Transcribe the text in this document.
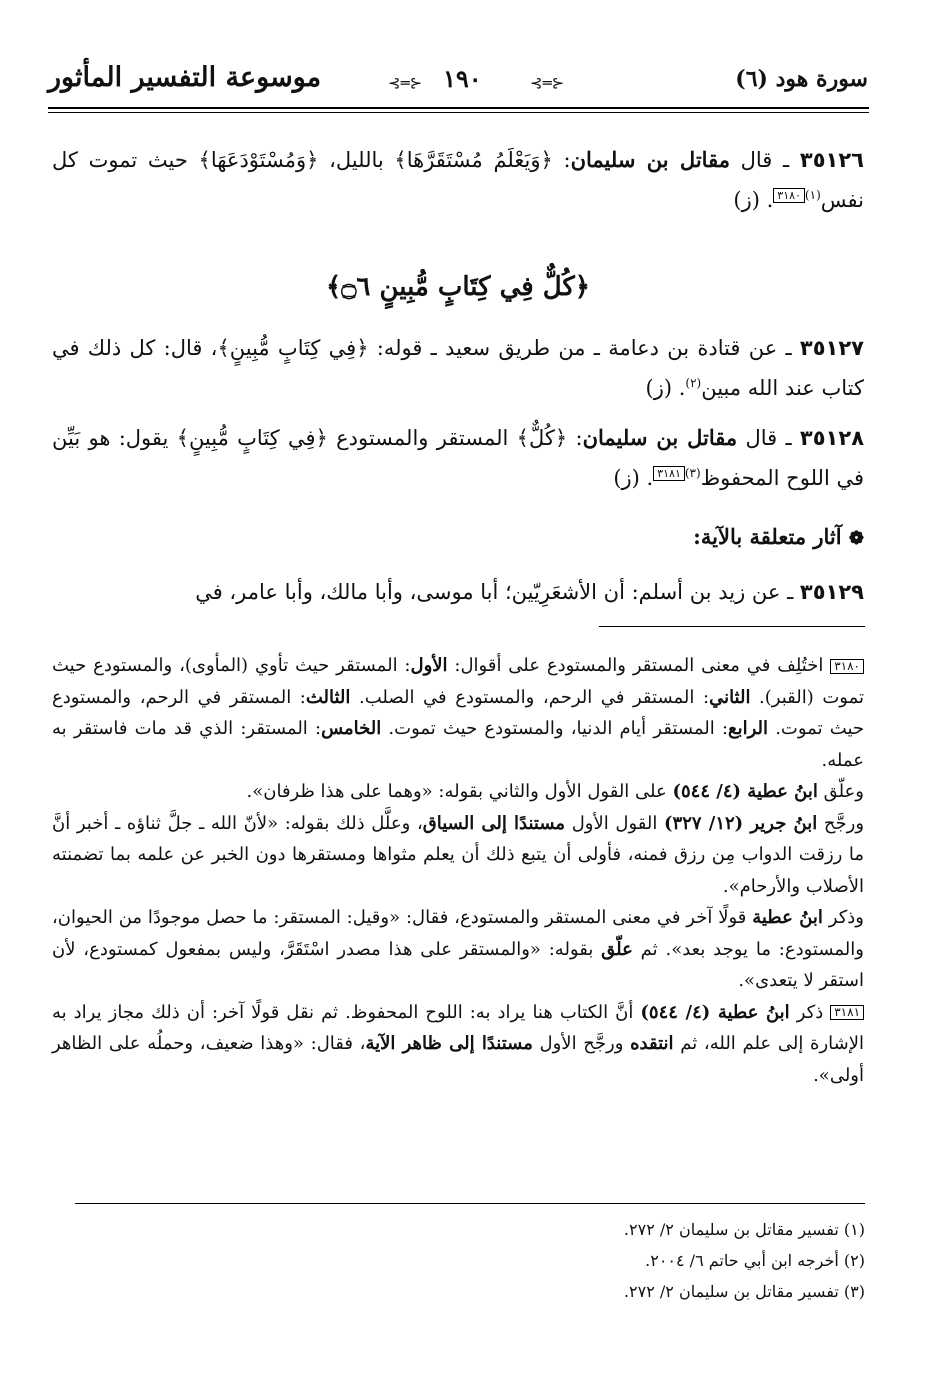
موسوعة التفسير المأثور	⊰═⊱ ١٩٠	⊰═⊱	سورة هود (٦)
٣٥١٢٦ ـ قال مقاتل بن سليمان: ﴿وَيَعْلَمُ مُسْتَقَرَّهَا﴾ بالليل، ﴿وَمُسْتَوْدَعَهَا﴾ حيث تموت كل نفس$^{(١)}$٣١٨٠. (ز)
﴿كُلٌّ فِي كِتَابٍ مُّبِينٍ ۝٦﴾
٣٥١٢٧ ـ عن قتادة بن دعامة ـ من طريق سعيد ـ قوله: ﴿فِي كِتَابٍ مُّبِينٍ﴾، قال: كل ذلك في كتاب عند الله مبين$^{(٢)}$. (ز)
٣٥١٢٨ ـ قال مقاتل بن سليمان: ﴿كُلٌّ﴾ المستقر والمستودع ﴿فِي كِتَابٍ مُّبِينٍ﴾ يقول: هو بَيِّن في اللوح المحفوظ$^{(٣)}$٣١٨١. (ز)
❁ آثار متعلقة بالآية:
٣٥١٢٩ ـ عن زيد بن أسلم: أن الأشعَرِيّين؛ أبا موسى، وأبا مالك، وأبا عامر، في
٣١٨٠ اختُلِف في معنى المستقر والمستودع على أقوال: الأول: المستقر حيث تأوي (المأوى)، والمستودع حيث تموت (القبر). الثاني: المستقر في الرحم، والمستودع في الصلب. الثالث: المستقر في الرحم، والمستودع حيث تموت. الرابع: المستقر أيام الدنيا، والمستودع حيث تموت. الخامس: المستقر: الذي قد مات فاستقر به عمله.
وعلّق ابنُ عطية (٤/ ٥٤٤) على القول الأول والثاني بقوله: «وهما على هذا ظرفان».
ورجَّح ابنُ جرير (١٢/ ٣٢٧) القول الأول مستندًا إلى السياق، وعلَّل ذلك بقوله: «لأنّ الله ـ جلَّ ثناؤه ـ أخبر أنَّ ما رزقت الدواب مِن رزق فمنه، فأولى أن يتبع ذلك أن يعلم مثواها ومستقرها دون الخبر عن علمه بما تضمنته الأصلاب والأرحام».
وذكر ابنُ عطية قولًا آخر في معنى المستقر والمستودع، فقال: «وقيل: المستقر: ما حصل موجودًا من الحيوان، والمستودع: ما يوجد بعد». ثم علّق بقوله: «والمستقر على هذا مصدر اسْتَقَرَّ، وليس بمفعول كمستودع، لأن استقر لا يتعدى».
٣١٨١ ذكر ابنُ عطية (٤/ ٥٤٤) أنَّ الكتاب هنا يراد به: اللوح المحفوظ. ثم نقل قولًا آخر: أن ذلك مجاز يراد به الإشارة إلى علم الله، ثم انتقده ورجَّح الأول مستندًا إلى ظاهر الآية، فقال: «وهذا ضعيف، وحملُه على الظاهر أولى».
(١) تفسير مقاتل بن سليمان ٢/ ٢٧٢.
(٢) أخرجه ابن أبي حاتم ٦/ ٢٠٠٤.
(٣) تفسير مقاتل بن سليمان ٢/ ٢٧٢.
